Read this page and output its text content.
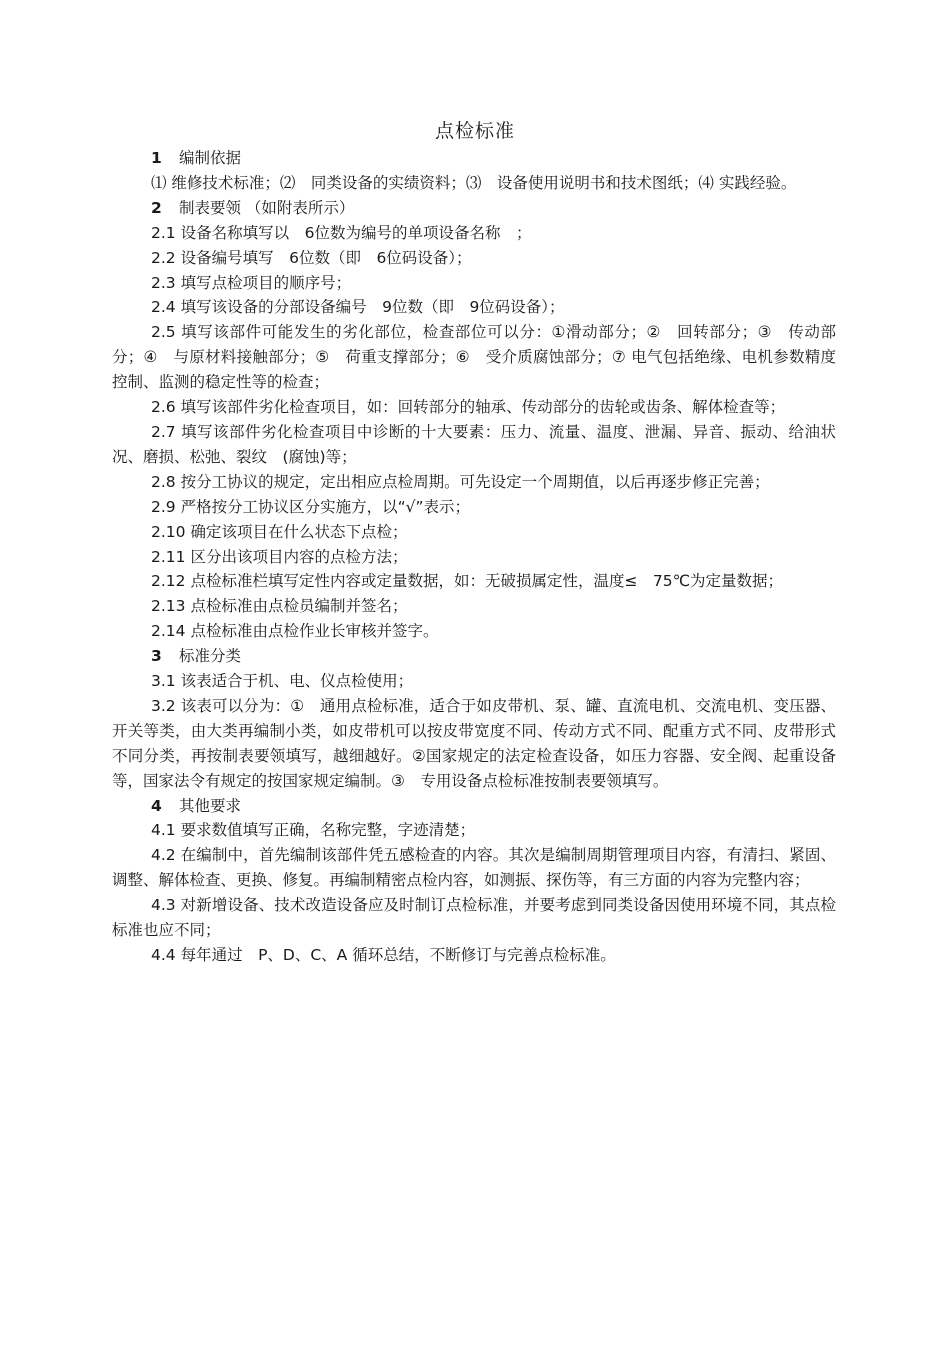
点检标准

1 编制依据

⑴ 维修技术标准；⑵　同类设备的实绩资料；⑶　设备使用说明书和技术图纸；⑷ 实践经验。

2 制表要领 （如附表所示）

2.1 设备名称填写以　6位数为编号的单项设备名称　；

2.2 设备编号填写　6位数（即　6位码设备）；

2.3 填写点检项目的顺序号；

2.4 填写该设备的分部设备编号　9位数（即　9位码设备）；

2.5 填写该部件可能发生的劣化部位，检查部位可以分：①滑动部分；②　回转部分；③　传动部分；④　与原材料接触部分；⑤　荷重支撑部分；⑥　受介质腐蚀部分；⑦ 电气包括绝缘、电机参数精度控制、监测的稳定性等的检查；

2.6 填写该部件劣化检查项目，如：回转部分的轴承、传动部分的齿轮或齿条、解体检查等；

2.7 填写该部件劣化检查项目中诊断的十大要素：压力、流量、温度、泄漏、异音、振动、给油状况、磨损、松弛、裂纹　(腐蚀)等；

2.8 按分工协议的规定，定出相应点检周期。可先设定一个周期值，以后再逐步修正完善；

2.9 严格按分工协议区分实施方，以“√”表示；

2.10 确定该项目在什么状态下点检；

2.11 区分出该项目内容的点检方法；

2.12 点检标准栏填写定性内容或定量数据，如：无破损属定性，温度≤　75℃为定量数据；

2.13 点检标准由点检员编制并签名；

2.14 点检标准由点检作业长审核并签字。

3 标准分类

3.1 该表适合于机、电、仪点检使用；

3.2 该表可以分为：①　通用点检标准，适合于如皮带机、泵、罐、直流电机、交流电机、变压器、开关等类，由大类再编制小类，如皮带机可以按皮带宽度不同、传动方式不同、配重方式不同、皮带形式不同分类，再按制表要领填写，越细越好。②国家规定的法定检查设备，如压力容器、安全阀、起重设备等，国家法令有规定的按国家规定编制。③　专用设备点检标准按制表要领填写。

4 其他要求

4.1 要求数值填写正确，名称完整，字迹清楚；

4.2 在编制中，首先编制该部件凭五感检查的内容。其次是编制周期管理项目内容，有清扫、紧固、调整、解体检查、更换、修复。再编制精密点检内容，如测振、探伤等，有三方面的内容为完整内容；

4.3 对新增设备、技术改造设备应及时制订点检标准，并要考虑到同类设备因使用环境不同，其点检标准也应不同；

4.4 每年通过　P、D、C、A 循环总结，不断修订与完善点检标准。
